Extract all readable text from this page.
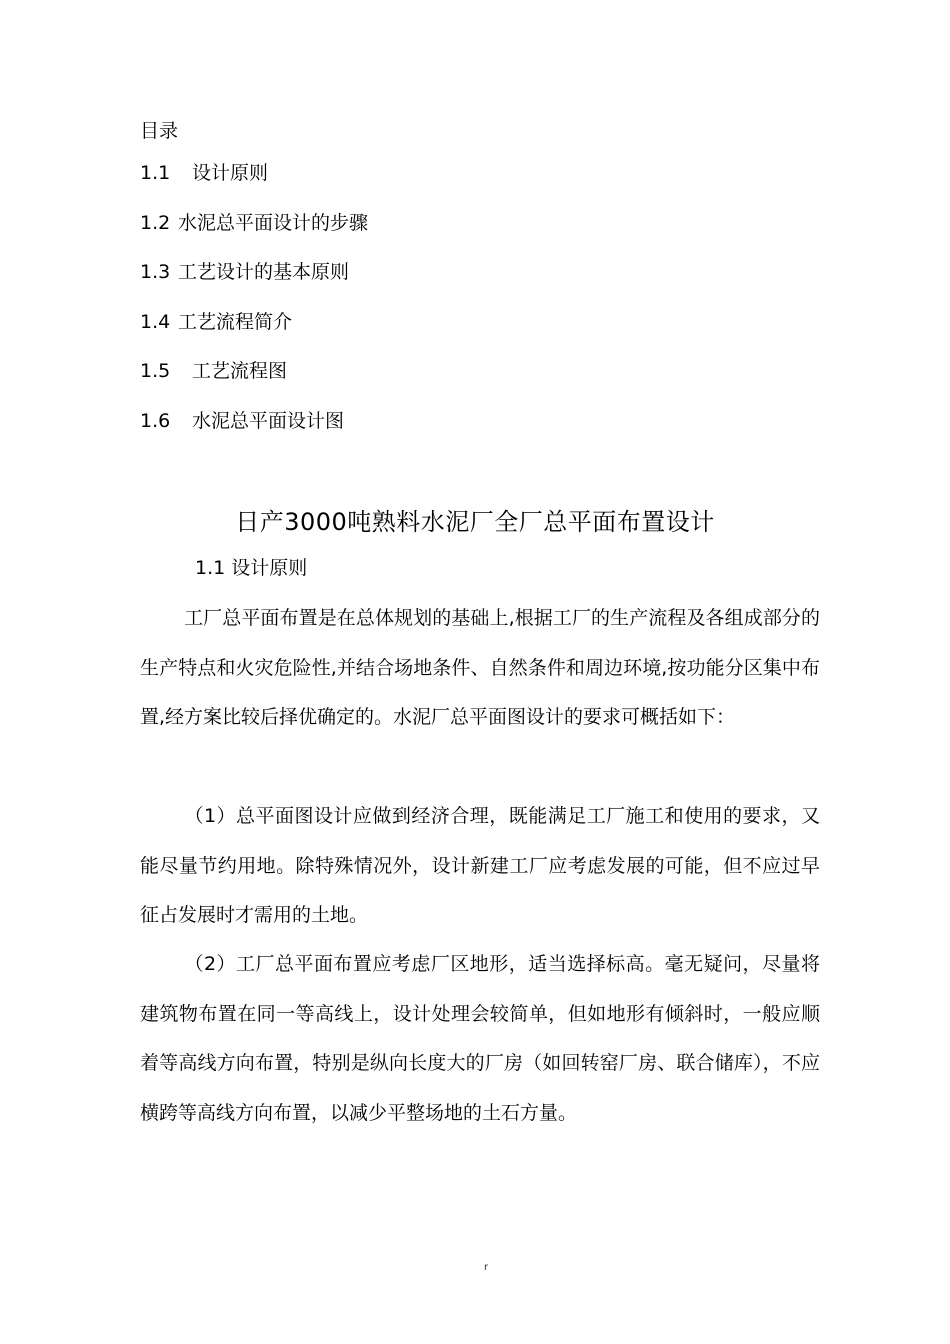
目录
1.1 设计原则
1.2 水泥总平面设计的步骤
1.3 工艺设计的基本原则
1.4 工艺流程简介
1.5 工艺流程图
1.6 水泥总平面设计图
日产3000吨熟料水泥厂全厂总平面布置设计
1.1 设计原则

工厂总平面布置是在总体规划的基础上,根据工厂的生产流程及各组成部分的生产特点和火灾危险性,并结合场地条件、自然条件和周边环境,按功能分区集中布置,经方案比较后择优确定的。水泥厂总平面图设计的要求可概括如下：

（1）总平面图设计应做到经济合理，既能满足工厂施工和使用的要求，又能尽量节约用地。除特殊情况外，设计新建工厂应考虑发展的可能，但不应过早征占发展时才需用的土地。

（2）工厂总平面布置应考虑厂区地形，适当选择标高。毫无疑问，尽量将建筑物布置在同一等高线上，设计处理会较简单，但如地形有倾斜时，一般应顺着等高线方向布置，特别是纵向长度大的厂房（如回转窑厂房、联合储库），不应横跨等高线方向布置，以减少平整场地的土石方量。

r
